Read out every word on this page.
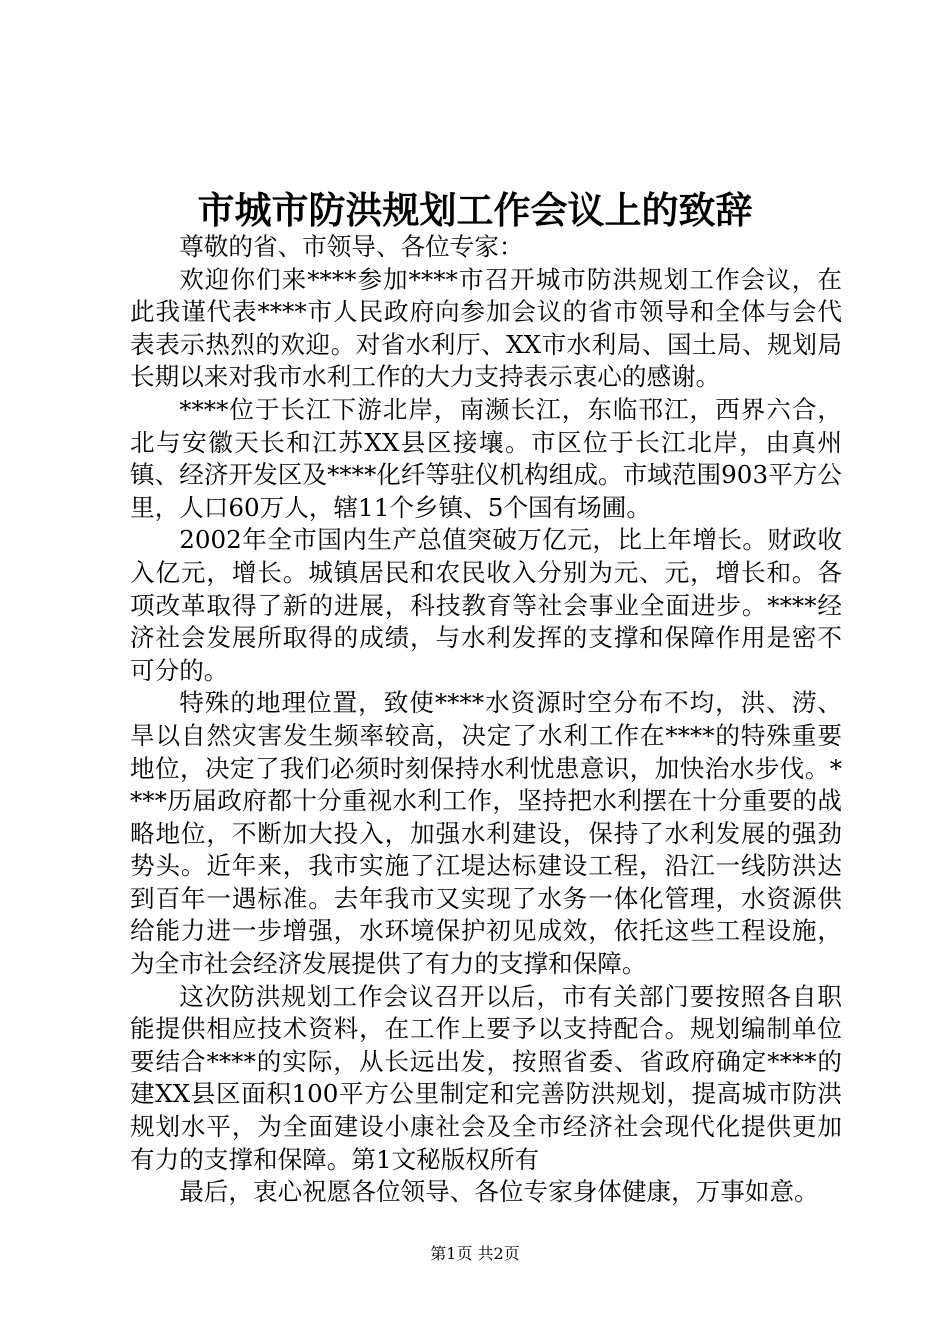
市城市防洪规划工作会议上的致辞

尊敬的省、市领导、各位专家：

欢迎你们来****参加****市召开城市防洪规划工作会议，在此我谨代表****市人民政府向参加会议的省市领导和全体与会代表表示热烈的欢迎。对省水利厅、XX市水利局、国土局、规划局长期以来对我市水利工作的大力支持表示衷心的感谢。

****位于长江下游北岸，南濒长江，东临邗江，西界六合，北与安徽天长和江苏XX县区接壤。市区位于长江北岸，由真州镇、经济开发区及****化纤等驻仪机构组成。市域范围903平方公里，人口60万人，辖11个乡镇、5个国有场圃。

2002年全市国内生产总值突破万亿元，比上年增长。财政收入亿元，增长。城镇居民和农民收入分别为元、元，增长和。各项改革取得了新的进展，科技教育等社会事业全面进步。****经济社会发展所取得的成绩，与水利发挥的支撑和保障作用是密不可分的。

特殊的地理位置，致使****水资源时空分布不均，洪、涝、旱以自然灾害发生频率较高，决定了水利工作在****的特殊重要地位，决定了我们必须时刻保持水利忧患意识，加快治水步伐。****历届政府都十分重视水利工作，坚持把水利摆在十分重要的战略地位，不断加大投入，加强水利建设，保持了水利发展的强劲势头。近年来，我市实施了江堤达标建设工程，沿江一线防洪达到百年一遇标准。去年我市又实现了水务一体化管理，水资源供给能力进一步增强，水环境保护初见成效，依托这些工程设施，为全市社会经济发展提供了有力的支撑和保障。

这次防洪规划工作会议召开以后，市有关部门要按照各自职能提供相应技术资料，在工作上要予以支持配合。规划编制单位要结合****的实际，从长远出发，按照省委、省政府确定****的建XX县区面积100平方公里制定和完善防洪规划，提高城市防洪规划水平，为全面建设小康社会及全市经济社会现代化提供更加有力的支撑和保障。第1文秘版权所有

最后，衷心祝愿各位领导、各位专家身体健康，万事如意。

第1页 共2页
